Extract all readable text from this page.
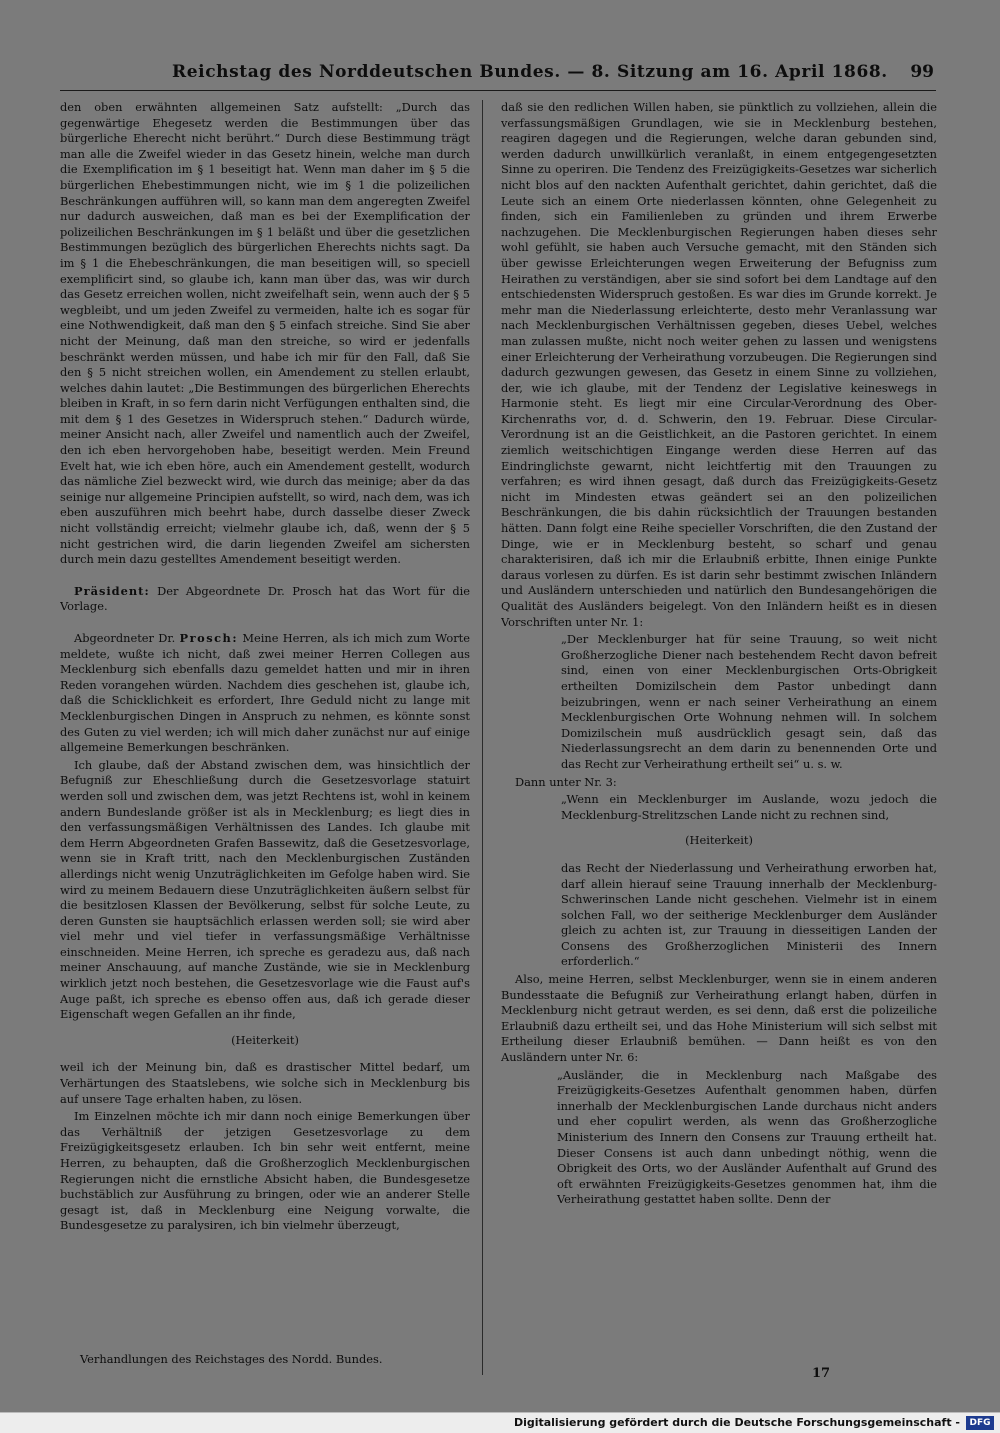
Reichstag des Norddeutschen Bundes. — 8. Sitzung am 16. April 1868. 99

den oben erwähnten allgemeinen Satz aufstellt: „Durch das gegenwärtige Ehegesetz werden die Bestimmungen über das bürgerliche Eherecht nicht berührt.“ Durch diese Bestimmung trägt man alle die Zweifel wieder in das Gesetz hinein, welche man durch die Exemplification im § 1 beseitigt hat. Wenn man daher im § 5 die bürgerlichen Ehebestimmungen nicht, wie im § 1 die polizeilichen Beschränkungen aufführen will, so kann man dem angeregten Zweifel nur dadurch ausweichen, daß man es bei der Exemplification der polizeilichen Beschränkungen im § 1 beläßt und über die gesetzlichen Bestimmungen bezüglich des bürgerlichen Eherechts nichts sagt. Da im § 1 die Ehebeschränkungen, die man beseitigen will, so speciell exemplificirt sind, so glaube ich, kann man über das, was wir durch das Gesetz erreichen wollen, nicht zweifelhaft sein, wenn auch der § 5 wegbleibt, und um jeden Zweifel zu vermeiden, halte ich es sogar für eine Nothwendigkeit, daß man den § 5 einfach streiche. Sind Sie aber nicht der Meinung, daß man den streiche, so wird er jedenfalls beschränkt werden müssen, und habe ich mir für den Fall, daß Sie den § 5 nicht streichen wollen, ein Amendement zu stellen erlaubt, welches dahin lautet: „Die Bestimmungen des bürgerlichen Eherechts bleiben in Kraft, in so fern darin nicht Verfügungen enthalten sind, die mit dem § 1 des Gesetzes in Widerspruch stehen.“ Dadurch würde, meiner Ansicht nach, aller Zweifel und namentlich auch der Zweifel, den ich eben hervorgehoben habe, beseitigt werden. Mein Freund Evelt hat, wie ich eben höre, auch ein Amendement gestellt, wodurch das nämliche Ziel bezweckt wird, wie durch das meinige; aber da das seinige nur allgemeine Principien aufstellt, so wird, nach dem, was ich eben auszuführen mich beehrt habe, durch dasselbe dieser Zweck nicht vollständig erreicht; vielmehr glaube ich, daß, wenn der § 5 nicht gestrichen wird, die darin liegenden Zweifel am sichersten durch mein dazu gestelltes Amendement beseitigt werden.

Präsident: Der Abgeordnete Dr. Prosch hat das Wort für die Vorlage.

Abgeordneter Dr. Prosch: Meine Herren, als ich mich zum Worte meldete, wußte ich nicht, daß zwei meiner Herren Collegen aus Mecklenburg sich ebenfalls dazu gemeldet hatten und mir in ihren Reden vorangehen würden. Nachdem dies geschehen ist, glaube ich, daß die Schicklichkeit es erfordert, Ihre Geduld nicht zu lange mit Mecklenburgischen Dingen in Anspruch zu nehmen, es könnte sonst des Guten zu viel werden; ich will mich daher zunächst nur auf einige allgemeine Bemerkungen beschränken.

Ich glaube, daß der Abstand zwischen dem, was hinsichtlich der Befugniß zur Eheschließung durch die Gesetzesvorlage statuirt werden soll und zwischen dem, was jetzt Rechtens ist, wohl in keinem andern Bundeslande größer ist als in Mecklenburg; es liegt dies in den verfassungsmäßigen Verhältnissen des Landes. Ich glaube mit dem Herrn Abgeordneten Grafen Bassewitz, daß die Gesetzesvorlage, wenn sie in Kraft tritt, nach den Mecklenburgischen Zuständen allerdings nicht wenig Unzuträglichkeiten im Gefolge haben wird. Sie wird zu meinem Bedauern diese Unzuträglichkeiten äußern selbst für die besitzlosen Klassen der Bevölkerung, selbst für solche Leute, zu deren Gunsten sie hauptsächlich erlassen werden soll; sie wird aber viel mehr und viel tiefer in verfassungsmäßige Verhältnisse einschneiden. Meine Herren, ich spreche es geradezu aus, daß nach meiner Anschauung, auf manche Zustände, wie sie in Mecklenburg wirklich jetzt noch bestehen, die Gesetzesvorlage wie die Faust auf's Auge paßt, ich spreche es ebenso offen aus, daß ich gerade dieser Eigenschaft wegen Gefallen an ihr finde,

(Heiterkeit)

weil ich der Meinung bin, daß es drastischer Mittel bedarf, um Verhärtungen des Staatslebens, wie solche sich in Mecklenburg bis auf unsere Tage erhalten haben, zu lösen.

Im Einzelnen möchte ich mir dann noch einige Bemerkungen über das Verhältniß der jetzigen Gesetzesvorlage zu dem Freizügigkeitsgesetz erlauben. Ich bin sehr weit entfernt, meine Herren, zu behaupten, daß die Großherzoglich Mecklenburgischen Regierungen nicht die ernstliche Absicht haben, die Bundesgesetze buchstäblich zur Ausführung zu bringen, oder wie an anderer Stelle gesagt ist, daß in Mecklenburg eine Neigung vorwalte, die Bundesgesetze zu paralysiren, ich bin vielmehr überzeugt,

Verhandlungen des Reichstages des Nordd. Bundes.

daß sie den redlichen Willen haben, sie pünktlich zu vollziehen, allein die verfassungsmäßigen Grundlagen, wie sie in Mecklenburg bestehen, reagiren dagegen und die Regierungen, welche daran gebunden sind, werden dadurch unwillkürlich veranlaßt, in einem entgegengesetzten Sinne zu operiren. Die Tendenz des Freizügigkeits-Gesetzes war sicherlich nicht blos auf den nackten Aufenthalt gerichtet, dahin gerichtet, daß die Leute sich an einem Orte niederlassen könnten, ohne Gelegenheit zu finden, sich ein Familienleben zu gründen und ihrem Erwerbe nachzugehen. Die Mecklenburgischen Regierungen haben dieses sehr wohl gefühlt, sie haben auch Versuche gemacht, mit den Ständen sich über gewisse Erleichterungen wegen Erweiterung der Befugniss zum Heirathen zu verständigen, aber sie sind sofort bei dem Landtage auf den entschiedensten Widerspruch gestoßen. Es war dies im Grunde korrekt. Je mehr man die Niederlassung erleichterte, desto mehr Veranlassung war nach Mecklenburgischen Verhältnissen gegeben, dieses Uebel, welches man zulassen mußte, nicht noch weiter gehen zu lassen und wenigstens einer Erleichterung der Verheirathung vorzubeugen. Die Regierungen sind dadurch gezwungen gewesen, das Gesetz in einem Sinne zu vollziehen, der, wie ich glaube, mit der Tendenz der Legislative keineswegs in Harmonie steht. Es liegt mir eine Circular-Verordnung des Ober-Kirchenraths vor, d. d. Schwerin, den 19. Februar. Diese Circular-Verordnung ist an die Geistlichkeit, an die Pastoren gerichtet. In einem ziemlich weitschichtigen Eingange werden diese Herren auf das Eindringlichste gewarnt, nicht leichtfertig mit den Trauungen zu verfahren; es wird ihnen gesagt, daß durch das Freizügigkeits-Gesetz nicht im Mindesten etwas geändert sei an den polizeilichen Beschränkungen, die bis dahin rücksichtlich der Trauungen bestanden hätten. Dann folgt eine Reihe specieller Vorschriften, die den Zustand der Dinge, wie er in Mecklenburg besteht, so scharf und genau charakterisiren, daß ich mir die Erlaubniß erbitte, Ihnen einige Punkte daraus vorlesen zu dürfen. Es ist darin sehr bestimmt zwischen Inländern und Ausländern unterschieden und natürlich den Bundesangehörigen die Qualität des Ausländers beigelegt. Von den Inländern heißt es in diesen Vorschriften unter Nr. 1:

„Der Mecklenburger hat für seine Trauung, so weit nicht Großherzogliche Diener nach bestehendem Recht davon befreit sind, einen von einer Mecklenburgischen Orts-Obrigkeit ertheilten Domizilschein dem Pastor unbedingt dann beizubringen, wenn er nach seiner Verheirathung an einem Mecklenburgischen Orte Wohnung nehmen will. In solchem Domizilschein muß ausdrücklich gesagt sein, daß das Niederlassungsrecht an dem darin zu benennenden Orte und das Recht zur Verheirathung ertheilt sei“ u. s. w.

Dann unter Nr. 3:

„Wenn ein Mecklenburger im Auslande, wozu jedoch die Mecklenburg-Strelitzschen Lande nicht zu rechnen sind,

(Heiterkeit)

das Recht der Niederlassung und Verheirathung erworben hat, darf allein hierauf seine Trauung innerhalb der Mecklenburg-Schwerinschen Lande nicht geschehen. Vielmehr ist in einem solchen Fall, wo der seitherige Mecklenburger dem Ausländer gleich zu achten ist, zur Trauung in diesseitigen Landen der Consens des Großherzoglichen Ministerii des Innern erforderlich.“

Also, meine Herren, selbst Mecklenburger, wenn sie in einem anderen Bundesstaate die Befugniß zur Verheirathung erlangt haben, dürfen in Mecklenburg nicht getraut werden, es sei denn, daß erst die polizeiliche Erlaubniß dazu ertheilt sei, und das Hohe Ministerium will sich selbst mit Ertheilung dieser Erlaubniß bemühen. — Dann heißt es von den Ausländern unter Nr. 6:

„Ausländer, die in Mecklenburg nach Maßgabe des Freizügigkeits-Gesetzes Aufenthalt genommen haben, dürfen innerhalb der Mecklenburgischen Lande durchaus nicht anders und eher copulirt werden, als wenn das Großherzogliche Ministerium des Innern den Consens zur Trauung ertheilt hat. Dieser Consens ist auch dann unbedingt nöthig, wenn die Obrigkeit des Orts, wo der Ausländer Aufenthalt auf Grund des oft erwähnten Freizügigkeits-Gesetzes genommen hat, ihm die Verheirathung gestattet haben sollte. Denn der

17
Digitalisierung gefördert durch die Deutsche Forschungsgemeinschaft -	DFG
